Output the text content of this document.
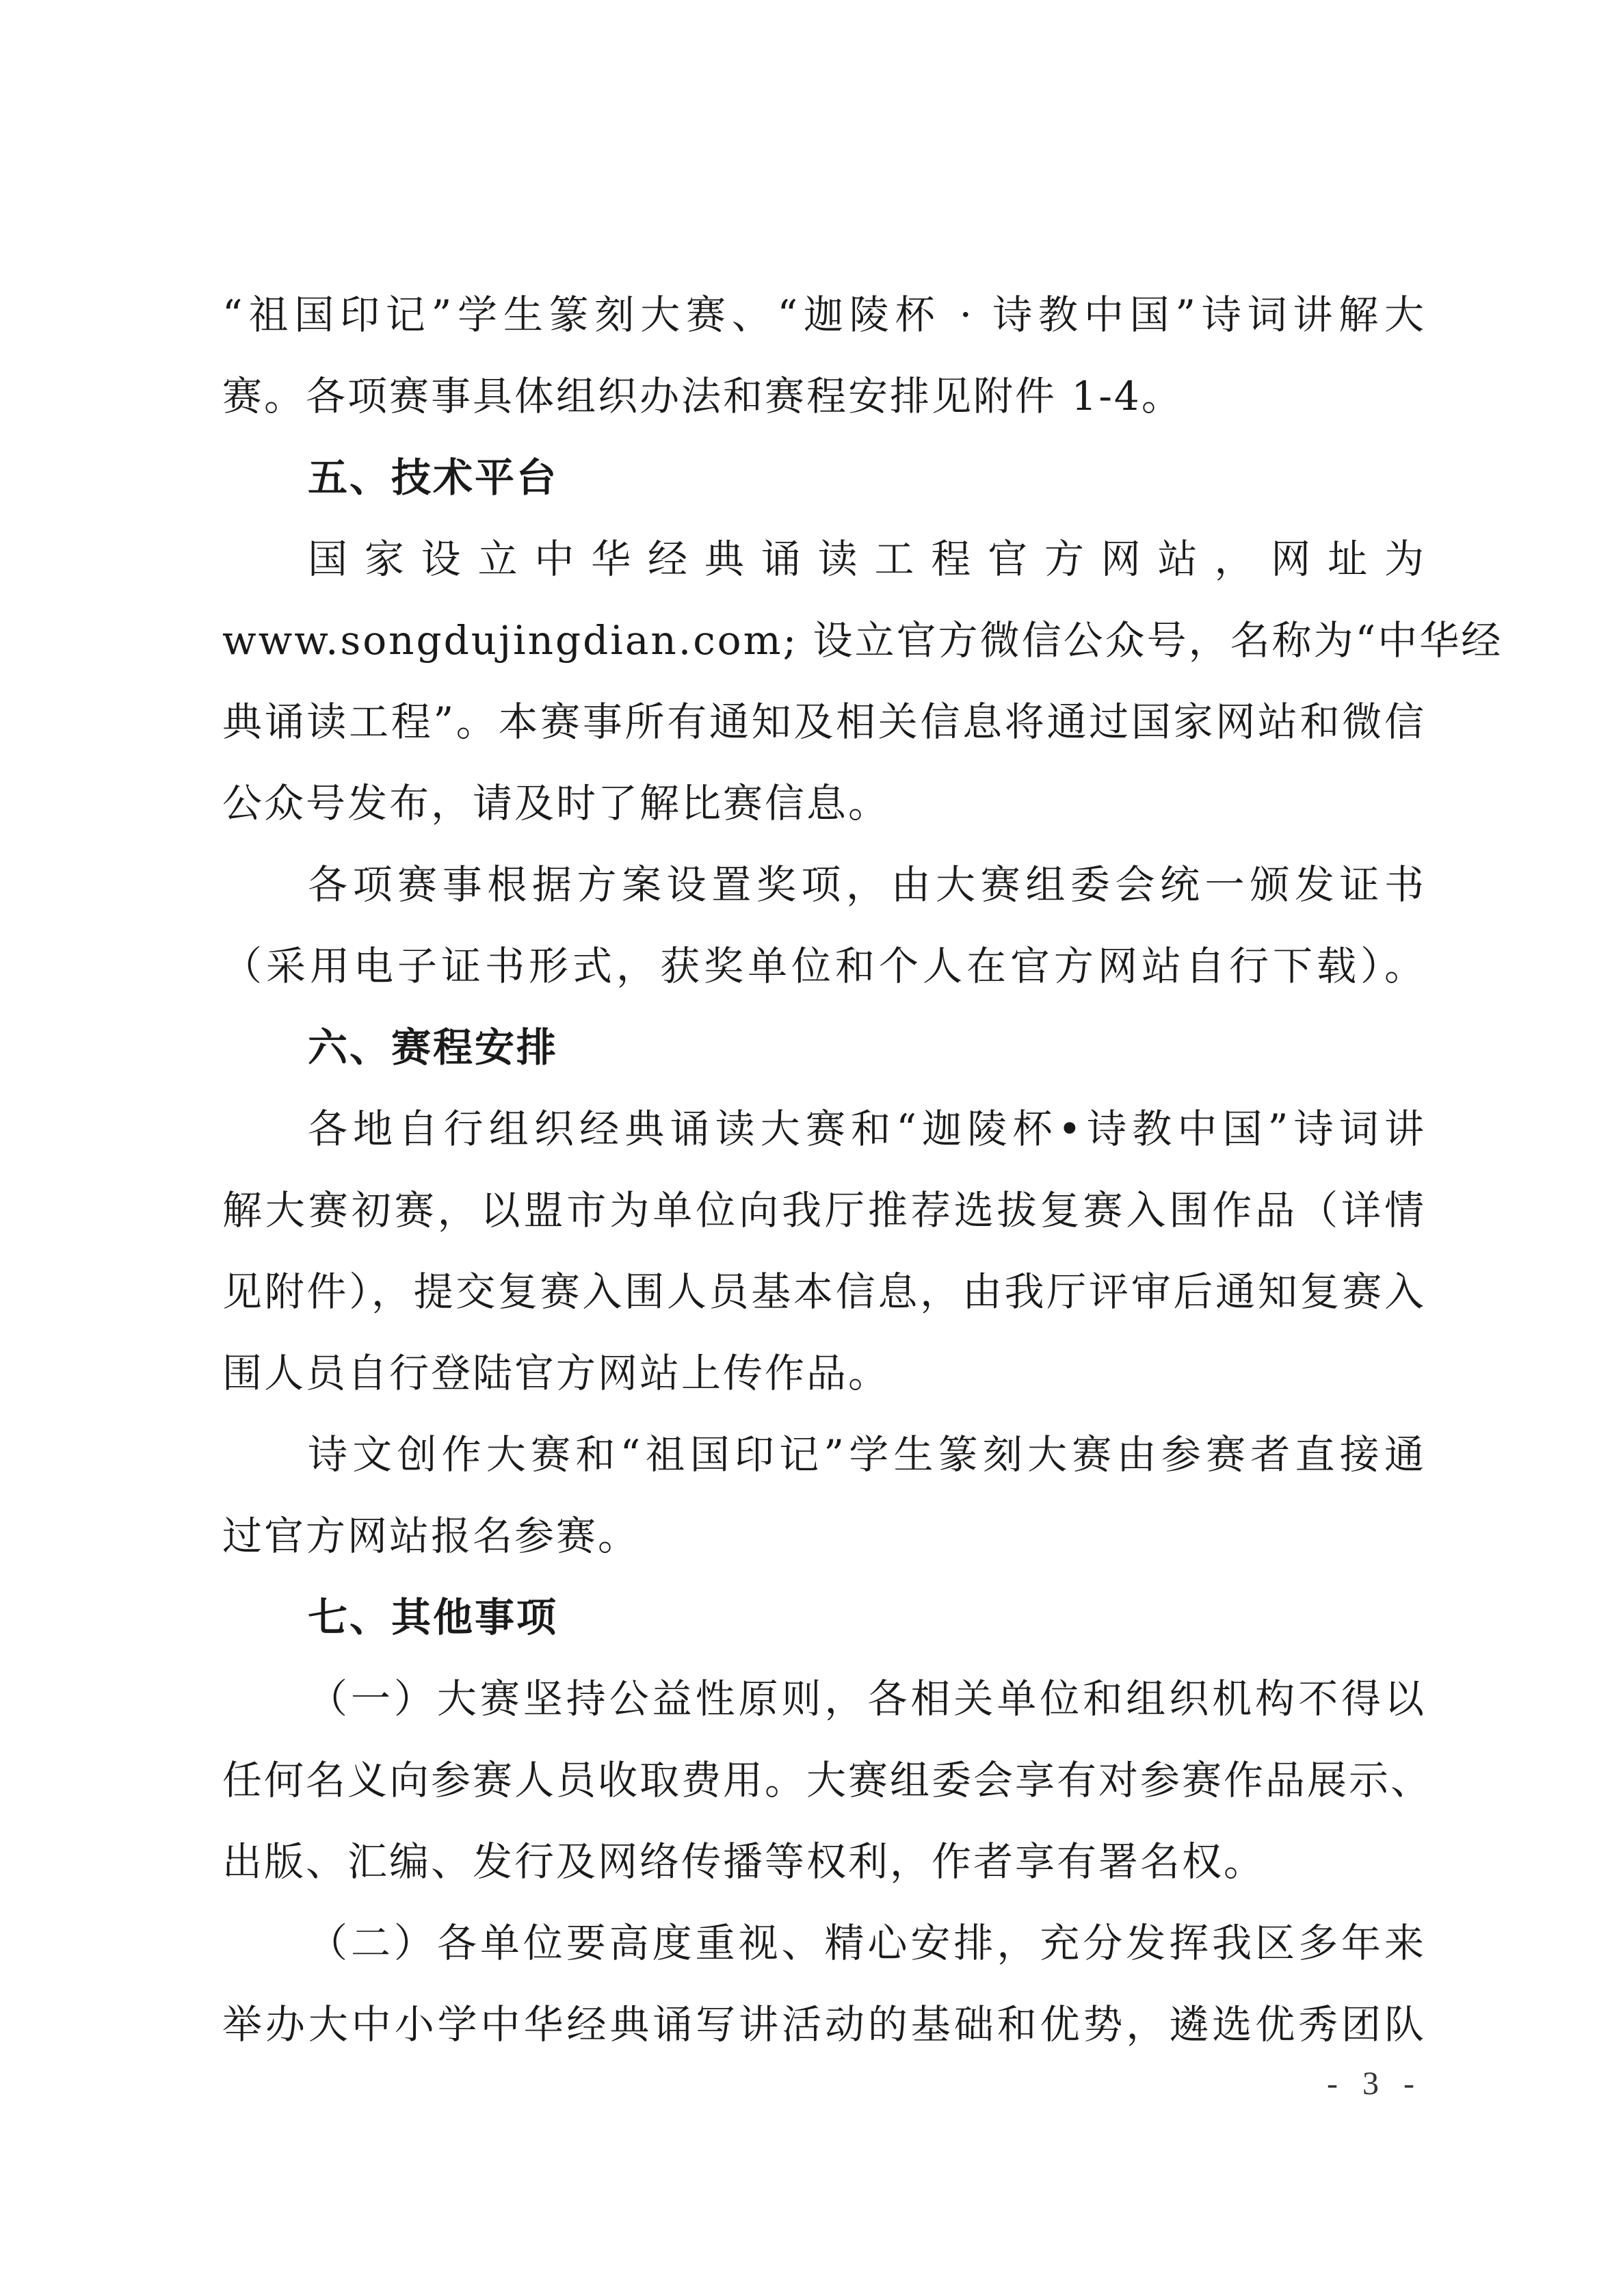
“祖国印记”学生篆刻大赛、“迦陵杯 · 诗教中国”诗词讲解大
赛。各项赛事具体组织办法和赛程安排见附件 1-4。
五、技术平台
国家设立中华经典诵读工程官方网站，网址为
www.songdujingdian.com; 设立官方微信公众号，名称为“中华经
典诵读工程”。本赛事所有通知及相关信息将通过国家网站和微信
公众号发布，请及时了解比赛信息。
各项赛事根据方案设置奖项，由大赛组委会统一颁发证书
（采用电子证书形式，获奖单位和个人在官方网站自行下载）。
六、赛程安排
各地自行组织经典诵读大赛和“迦陵杯•诗教中国”诗词讲
解大赛初赛，以盟市为单位向我厅推荐选拔复赛入围作品（详情
见附件），提交复赛入围人员基本信息，由我厅评审后通知复赛入
围人员自行登陆官方网站上传作品。
诗文创作大赛和“祖国印记”学生篆刻大赛由参赛者直接通
过官方网站报名参赛。
七、其他事项
（一）大赛坚持公益性原则，各相关单位和组织机构不得以
任何名义向参赛人员收取费用。大赛组委会享有对参赛作品展示、
出版、汇编、发行及网络传播等权利，作者享有署名权。
（二）各单位要高度重视、精心安排，充分发挥我区多年来
举办大中小学中华经典诵写讲活动的基础和优势，遴选优秀团队
- 3 -
